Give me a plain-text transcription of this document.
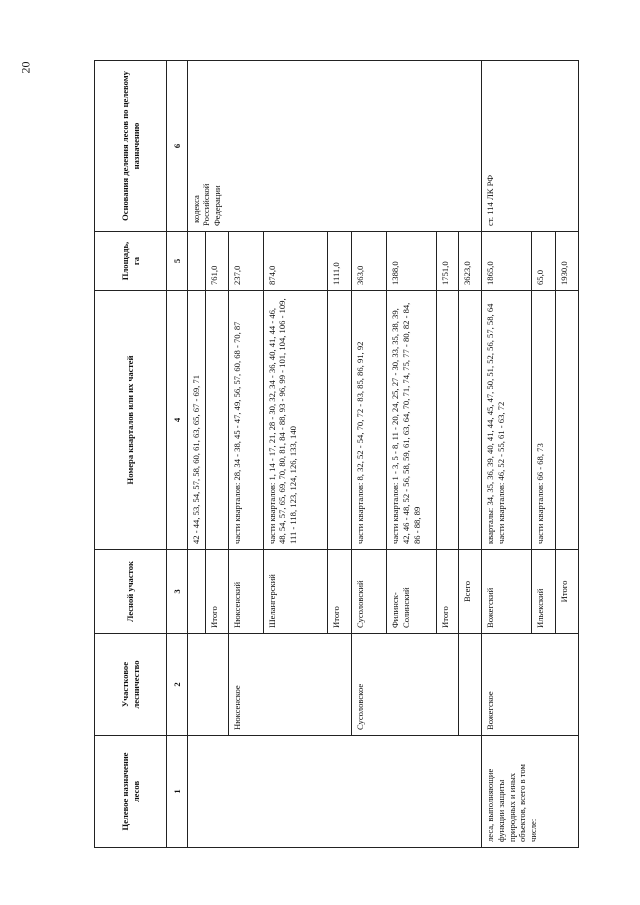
20
Целевое назначение лесов	Участковое лесничество	Лесной участок	Номера кварталов или их частей	Площадь, га	Основания деления лесов по целевому назначению
1	2	3	4	5	6
			42 - 44, 53, 54, 57, 58, 60, 61, 63, 65, 67 - 69, 71		кодекса Российской Федерации

		Итого		761,0	
	Нюксенское	Нюксенский	части кварталов: 28, 34 - 38, 45 - 47, 49, 56, 57, 60, 68 - 70, 87	237,0	
		Шелангерский	части кварталов: 1, 14 - 17, 21, 28 - 30, 32, 34 - 36, 40, 41, 44 - 46, 48, 54, 57, 65, 69, 70, 80, 81, 84 - 88, 93 - 96, 99 - 101, 104, 106 - 109, 111 - 118, 123, 124, 126, 133, 140	874,0	
		Итого		1111,0	
	Сусоловское	Сусоловский	части кварталов: 8, 32, 52 - 54, 70, 72 - 83, 85, 86, 91, 92	363,0	
		Филинск-Солинский	части кварталов: 1 - 3, 5 - 8, 11 - 20, 24, 25, 27 - 30, 33, 35, 38, 39, 42, 46 - 48, 52 - 56, 58, 59, 61, 63, 64, 70, 71, 74, 75, 77 - 80, 82 - 84, 86 - 88, 89	1388,0	
		Итого		1751,0	
		Всего		3623,0	
леса, выполняющие функции защиты природных и иных объектов, всего в том числе:	Вожегское	Вожегский	кварталы: 34, 35, 36, 39, 40, 41, 44, 45, 47, 50, 51, 52, 56, 57, 58, 64 части кварталов: 46, 52 - 55, 61 - 63, 72	1865,0	ст. 114 ЛК РФ
		Ильекский	части кварталов: 66 - 68, 73	65,0	
		Итого		1930,0	
